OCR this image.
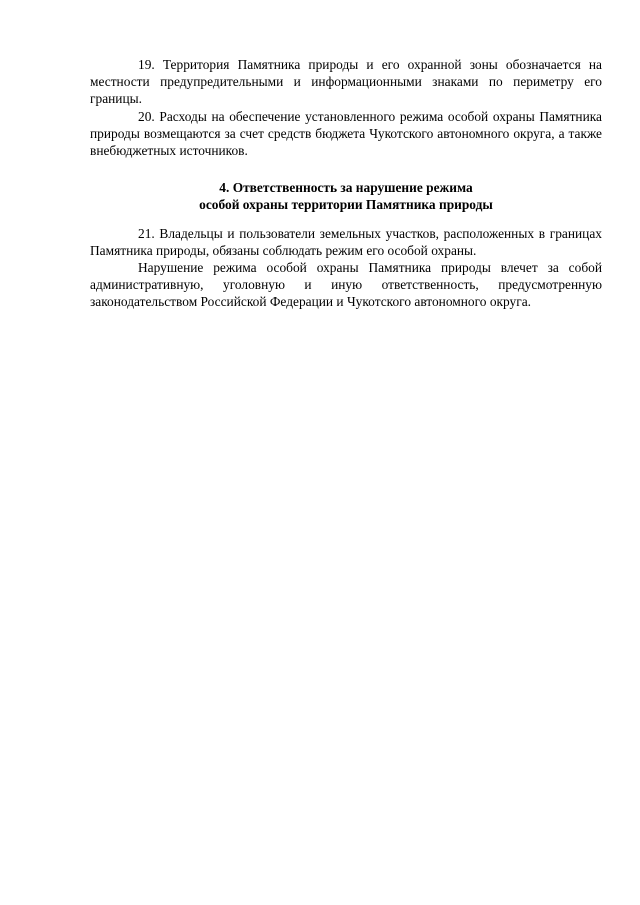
19. Территория Памятника природы и его охранной зоны обозначается на местности предупредительными и информационными знаками по периметру его границы.

20. Расходы на обеспечение установленного режима особой охраны Памятника природы возмещаются за счет средств бюджета Чукотского автономного округа, а также внебюджетных источников.

4. Ответственность за нарушение режима
особой охраны территории Памятника природы

21. Владельцы и пользователи земельных участков, расположенных в границах Памятника природы, обязаны соблюдать режим его особой охраны.

Нарушение режима особой охраны Памятника природы влечет за собой административную, уголовную и иную ответственность, предусмотренную законодательством Российской Федерации и Чукотского автономного округа.
